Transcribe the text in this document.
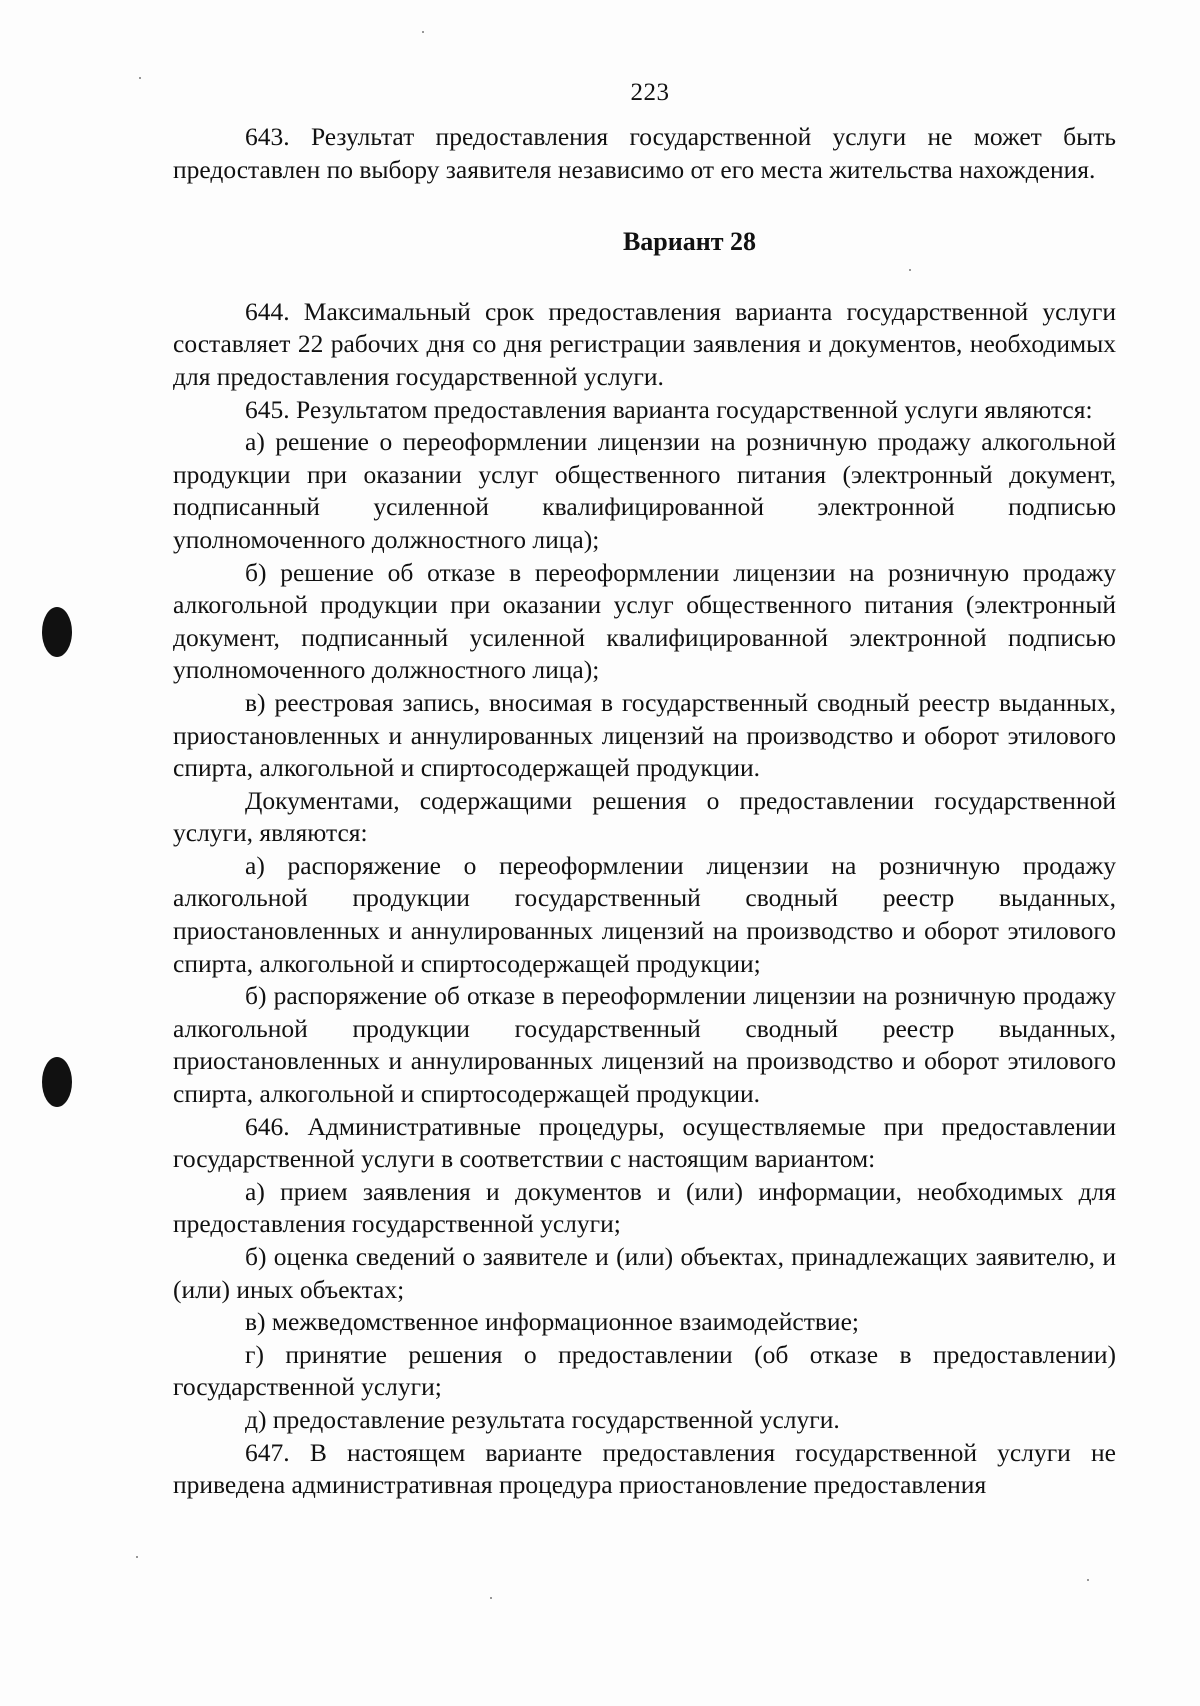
223

643. Результат предоставления государственной услуги не может быть предоставлен по выбору заявителя независимо от его места жительства нахождения.

Вариант 28

644. Максимальный срок предоставления варианта государственной услуги составляет 22 рабочих дня со дня регистрации заявления и документов, необходимых для предоставления государственной услуги.

645. Результатом предоставления варианта государственной услуги являются:

а) решение о переоформлении лицензии на розничную продажу алкогольной продукции при оказании услуг общественного питания (электронный документ, подписанный усиленной квалифицированной электронной подписью уполномоченного должностного лица);

б) решение об отказе в переоформлении лицензии на розничную продажу алкогольной продукции при оказании услуг общественного питания (электронный документ, подписанный усиленной квалифицированной электронной подписью уполномоченного должностного лица);

в) реестровая запись, вносимая в государственный сводный реестр выданных, приостановленных и аннулированных лицензий на производство и оборот этилового спирта, алкогольной и спиртосодержащей продукции.

Документами, содержащими решения о предоставлении государственной услуги, являются:

а) распоряжение о переоформлении лицензии на розничную продажу алкогольной продукции государственный сводный реестр выданных, приостановленных и аннулированных лицензий на производство и оборот этилового спирта, алкогольной и спиртосодержащей продукции;

б) распоряжение об отказе в переоформлении лицензии на розничную продажу алкогольной продукции государственный сводный реестр выданных, приостановленных и аннулированных лицензий на производство и оборот этилового спирта, алкогольной и спиртосодержащей продукции.

646. Административные процедуры, осуществляемые при предоставлении государственной услуги в соответствии с настоящим вариантом:

а) прием заявления и документов и (или) информации, необходимых для предоставления государственной услуги;

б) оценка сведений о заявителе и (или) объектах, принадлежащих заявителю, и (или) иных объектах;

в) межведомственное информационное взаимодействие;

г) принятие решения о предоставлении (об отказе в предоставлении) государственной услуги;

д) предоставление результата государственной услуги.

647. В настоящем варианте предоставления государственной услуги не приведена административная процедура приостановление предоставления
